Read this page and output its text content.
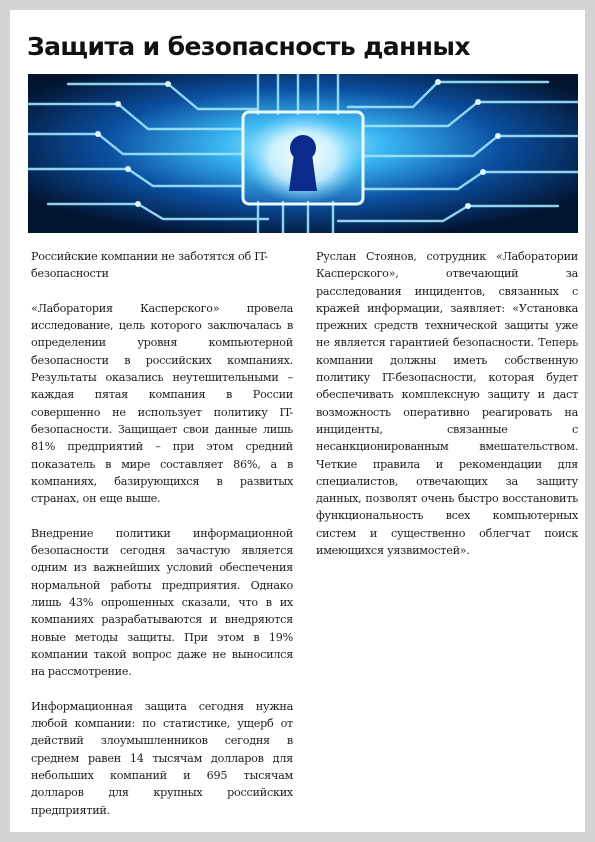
Защита и безопасность данных

Российские компании не заботятся об IT-безопасности

«Лаборатория Касперского» провела исследование, цель которого заключалась в определении уровня компьютерной безопасности в российских компаниях. Результаты оказались неутешительными – каждая пятая компания в России совершенно не использует политику IT-безопасности. Защищает свои данные лишь 81% предприятий – при этом средний показатель в мире составляет 86%, а в компаниях, базирующихся в развитых странах, он еще выше.

Внедрение политики информационной безопасности сегодня зачастую является одним из важнейших условий обеспечения нормальной работы предприятия. Однако лишь 43% опрошенных сказали, что в их компаниях разрабатываются и внедряются новые методы защиты. При этом в 19% компании такой вопрос даже не выносился на рассмотрение.

Информационная защита сегодня нужна любой компании: по статистике, ущерб от действий злоумышленников сегодня в среднем равен 14 тысячам долларов для небольших компаний и 695 тысячам долларов для крупных российских предприятий.

Руслан Стоянов, сотрудник «Лаборатории Касперского», отвечающий за расследования инцидентов, связанных с кражей информации, заявляет: «Установка прежних средств технической защиты уже не является гарантией безопасности. Теперь компании должны иметь собственную политику IT-безопасности, которая будет обеспечивать комплексную защиту и даст возможность оперативно реагировать на инциденты, связанные с несанкционированным вмешательством. Четкие правила и рекомендации для специалистов, отвечающих за защиту данных, позволят очень быстро восстановить функциональность всех компьютерных систем и существенно облегчат поиск имеющихся уязвимостей».
